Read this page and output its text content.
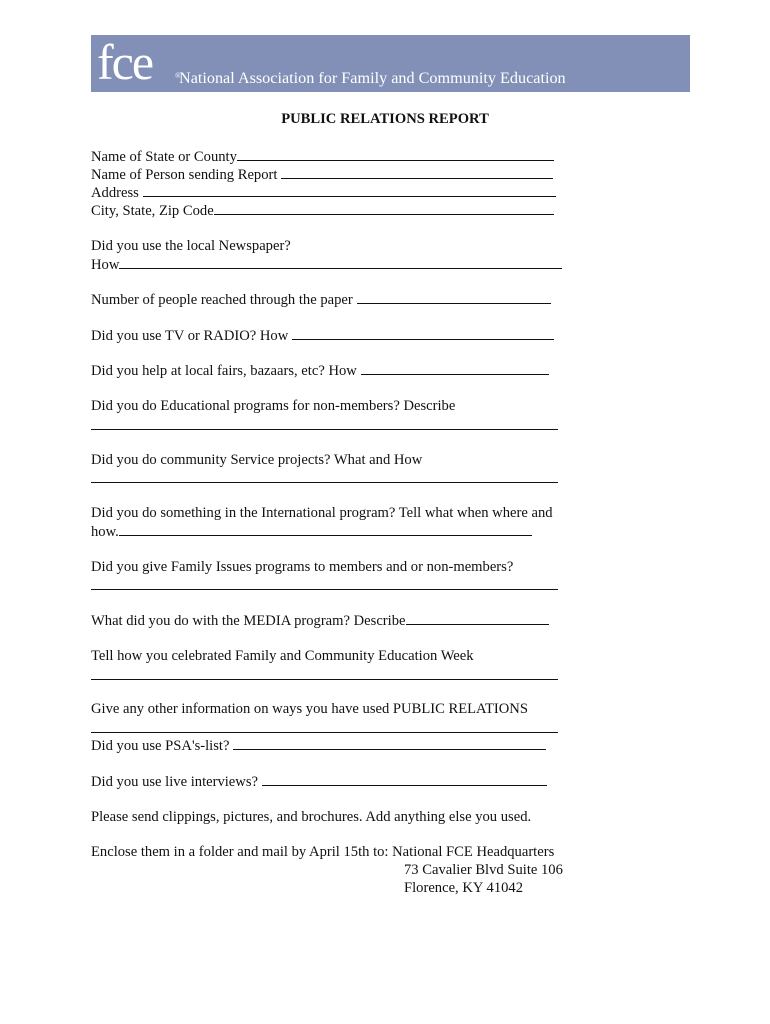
fce	®
National Association for Family and Community Education
PUBLIC RELATIONS REPORT
Name of State or County
Name of Person sending Report
Address
City, State, Zip Code
Did you use the local Newspaper?
How
Number of people reached through the paper
Did you use TV or RADIO? How
Did you help at local fairs, bazaars, etc? How
Did you do Educational programs for non-members? Describe
Did you do community Service projects? What and How
Did you do something in the International program? Tell what when where and
how.
Did you give Family Issues programs to members and or non-members?
What did you do with the MEDIA program? Describe
Tell how you celebrated Family and Community Education Week
Give any other information on ways you have used PUBLIC RELATIONS
Did you use PSA's-list?
Did you use live interviews?
Please send clippings, pictures, and brochures. Add anything else you used.
Enclose them in a folder and mail by April 15th to: National FCE Headquarters
73 Cavalier Blvd Suite 106
Florence, KY 41042
